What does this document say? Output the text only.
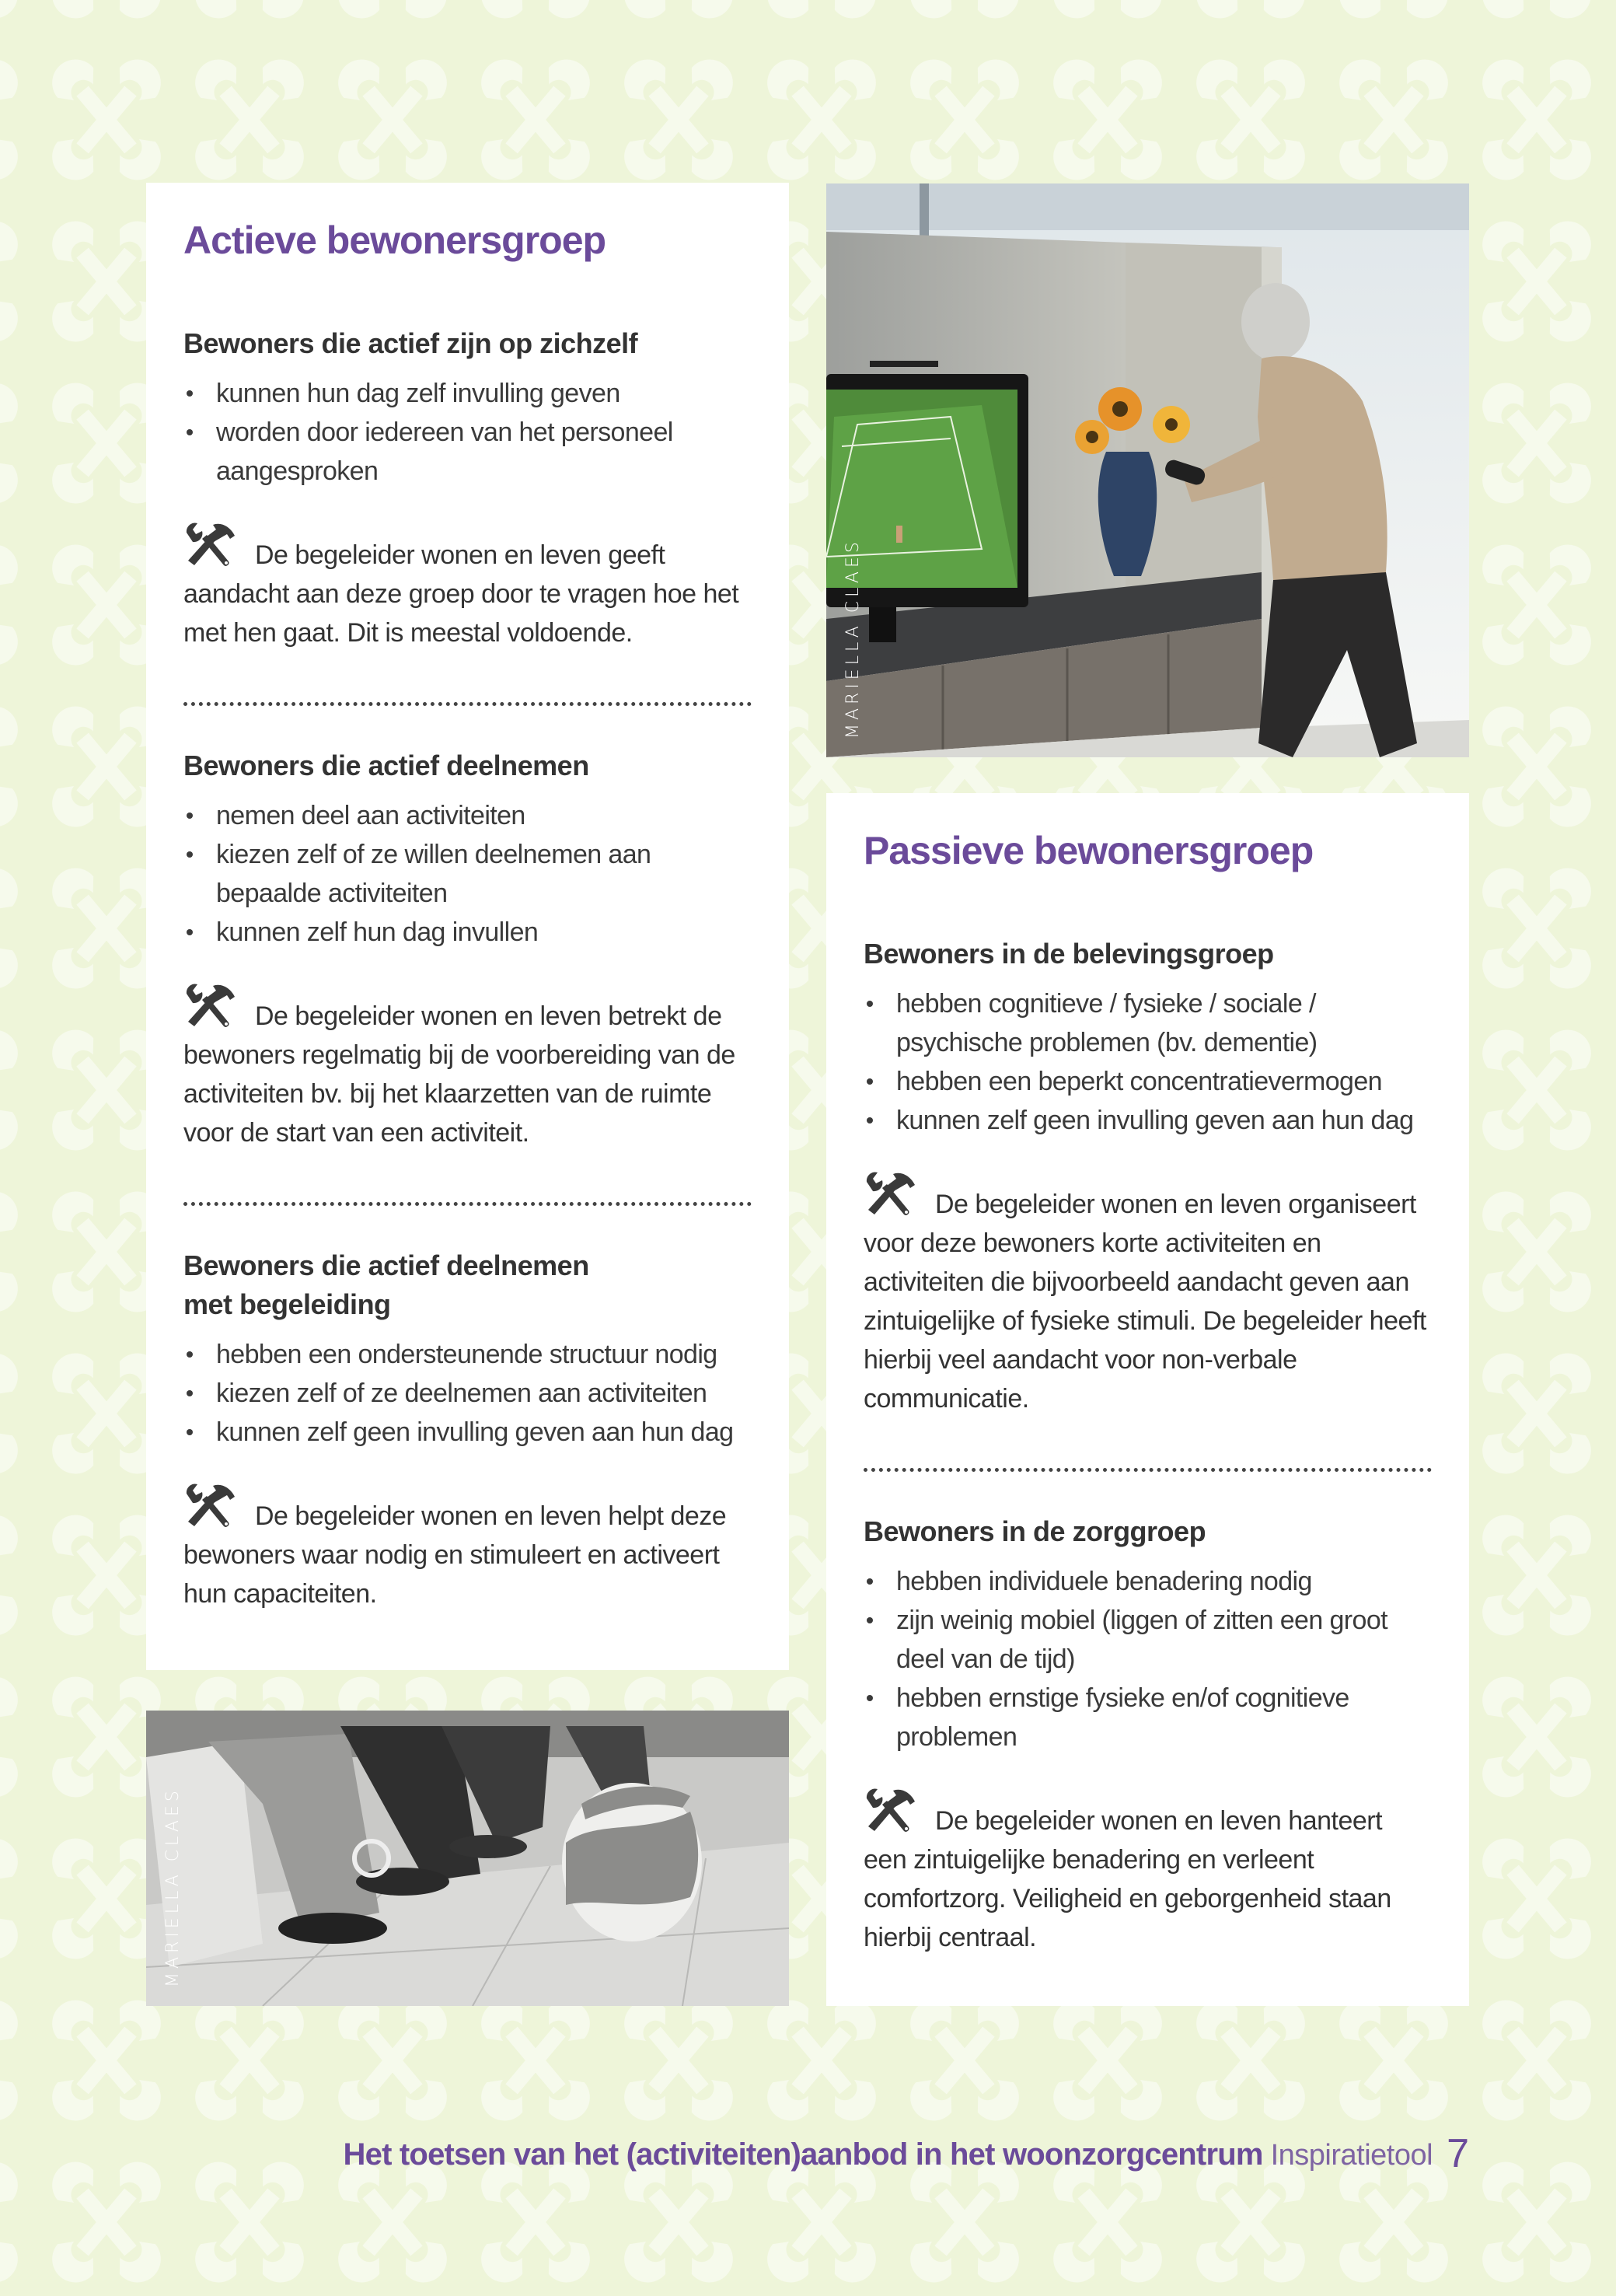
Actieve bewonersgroep
Bewoners die actief zijn op zichzelf
kunnen hun dag zelf invulling geven
worden door iedereen van het personeel aangesproken

De begeleider wonen en leven geeft aandacht aan deze groep door te vragen hoe het met hen gaat. Dit is meestal voldoende.

Bewoners die actief deelnemen
nemen deel aan activiteiten
kiezen zelf of ze willen deelnemen aan bepaalde activiteiten
kunnen zelf hun dag invullen

De begeleider wonen en leven betrekt de bewoners regelmatig bij de voorbereiding van de activiteiten bv. bij het klaarzetten van de ruimte voor de start van een activiteit.

Bewoners die actief deelnemen met begeleiding
hebben een ondersteunende structuur nodig
kiezen zelf of ze deelnemen aan activiteiten
kunnen zelf geen invulling geven aan hun dag

De begeleider wonen en leven helpt deze bewoners waar nodig en stimuleert en activeert hun capaciteiten.

MARIELLA CLAES
Passieve bewonersgroep
Bewoners in de belevingsgroep
hebben cognitieve / fysieke / sociale / psychische problemen (bv. dementie)
hebben een beperkt concentratievermogen
kunnen zelf geen invulling geven aan hun dag

De begeleider wonen en leven organiseert voor deze bewoners korte activiteiten en activiteiten die bijvoorbeeld aandacht geven aan zintuigelijke of fysieke stimuli. De begeleider heeft hierbij veel aandacht voor non-verbale communicatie.

Bewoners in de zorggroep
hebben individuele benadering nodig
zijn weinig mobiel (liggen of zitten een groot deel van de tijd)
hebben ernstige fysieke en/of cognitieve problemen

De begeleider wonen en leven hanteert een zintuigelijke benadering en verleent comfortzorg. Veiligheid en geborgenheid staan hierbij centraal.

MARIELLA CLAES
Het toetsen van het (activiteiten)aanbod in het woonzorgcentrum Inspiratietool 7
